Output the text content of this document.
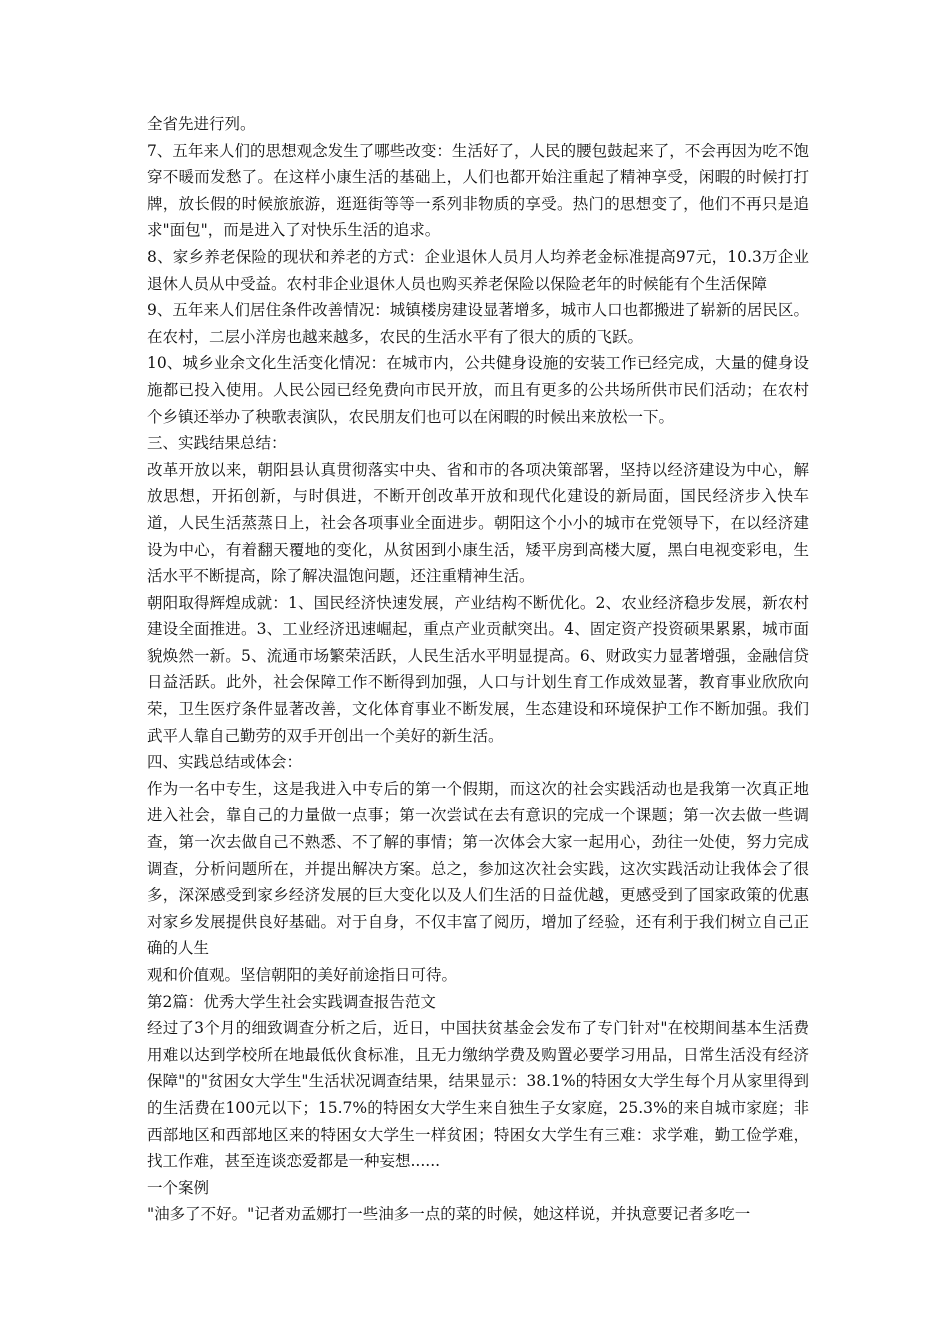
全省先进行列。

7、五年来人们的思想观念发生了哪些改变：生活好了，人民的腰包鼓起来了，不会再因为吃不饱穿不暖而发愁了。在这样小康生活的基础上，人们也都开始注重起了精神享受，闲暇的时候打打牌，放长假的时候旅旅游，逛逛街等等一系列非物质的享受。热门的思想变了，他们不再只是追求"面包"，而是进入了对快乐生活的追求。

8、家乡养老保险的现状和养老的方式：企业退休人员月人均养老金标准提高97元，10.3万企业退休人员从中受益。农村非企业退休人员也购买养老保险以保险老年的时候能有个生活保障

9、五年来人们居住条件改善情况：城镇楼房建设显著增多，城市人口也都搬进了崭新的居民区。在农村，二层小洋房也越来越多，农民的生活水平有了很大的质的飞跃。

10、城乡业余文化生活变化情况：在城市内，公共健身设施的安装工作已经完成，大量的健身设施都已投入使用。人民公园已经免费向市民开放，而且有更多的公共场所供市民们活动；在农村个乡镇还举办了秧歌表演队，农民朋友们也可以在闲暇的时候出来放松一下。

三、实践结果总结：

改革开放以来，朝阳县认真贯彻落实中央、省和市的各项决策部署，坚持以经济建设为中心，解放思想，开拓创新，与时俱进，不断开创改革开放和现代化建设的新局面，国民经济步入快车道，人民生活蒸蒸日上，社会各项事业全面进步。朝阳这个小小的城市在党领导下，在以经济建设为中心，有着翻天覆地的变化，从贫困到小康生活，矮平房到高楼大厦，黑白电视变彩电，生活水平不断提高，除了解决温饱问题，还注重精神生活。

朝阳取得辉煌成就：1、国民经济快速发展，产业结构不断优化。2、农业经济稳步发展，新农村建设全面推进。3、工业经济迅速崛起，重点产业贡献突出。4、固定资产投资硕果累累，城市面貌焕然一新。5、流通市场繁荣活跃，人民生活水平明显提高。6、财政实力显著增强，金融信贷日益活跃。此外，社会保障工作不断得到加强，人口与计划生育工作成效显著，教育事业欣欣向荣，卫生医疗条件显著改善，文化体育事业不断发展，生态建设和环境保护工作不断加强。我们武平人靠自己勤劳的双手开创出一个美好的新生活。

四、实践总结或体会：

作为一名中专生，这是我进入中专后的第一个假期，而这次的社会实践活动也是我第一次真正地进入社会，靠自己的力量做一点事；第一次尝试在去有意识的完成一个课题；第一次去做一些调查，第一次去做自己不熟悉、不了解的事情；第一次体会大家一起用心，劲往一处使，努力完成调查，分析问题所在，并提出解决方案。总之，参加这次社会实践，这次实践活动让我体会了很多，深深感受到家乡经济发展的巨大变化以及人们生活的日益优越，更感受到了国家政策的优惠对家乡发展提供良好基础。对于自身，不仅丰富了阅历，增加了经验，还有利于我们树立自己正确的人生

观和价值观。坚信朝阳的美好前途指日可待。

第2篇：优秀大学生社会实践调查报告范文

经过了3个月的细致调查分析之后，近日，中国扶贫基金会发布了专门针对"在校期间基本生活费用难以达到学校所在地最低伙食标准，且无力缴纳学费及购置必要学习用品，日常生活没有经济保障"的"贫困女大学生"生活状况调查结果，结果显示：38.1%的特困女大学生每个月从家里得到的生活费在100元以下；15.7%的特困女大学生来自独生子女家庭，25.3%的来自城市家庭；非西部地区和西部地区来的特困女大学生一样贫困；特困女大学生有三难：求学难，勤工俭学难，找工作难，甚至连谈恋爱都是一种妄想......

一个案例

"油多了不好。"记者劝孟娜打一些油多一点的菜的时候，她这样说，并执意要记者多吃一
